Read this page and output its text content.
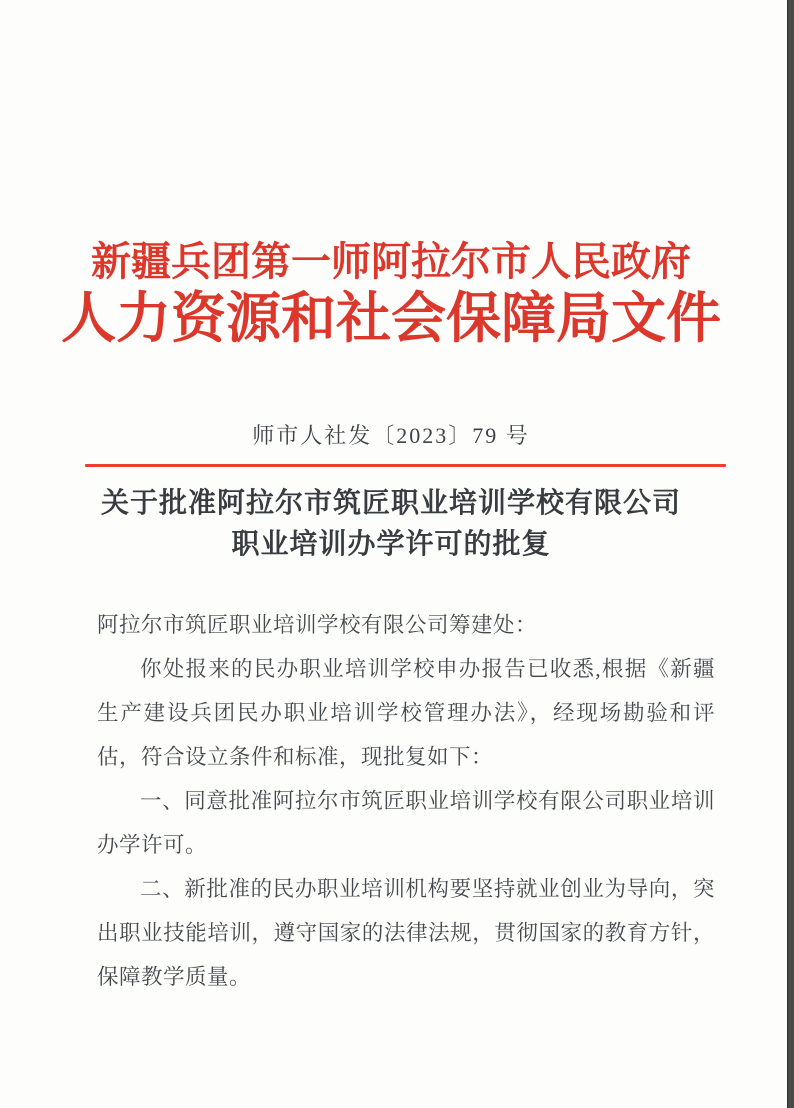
新疆兵团第一师阿拉尔市人民政府
人力资源和社会保障局文件
师市人社发〔2023〕79 号
关于批准阿拉尔市筑匠职业培训学校有限公司
职业培训办学许可的批复

阿拉尔市筑匠职业培训学校有限公司筹建处：

你处报来的民办职业培训学校申办报告已收悉,根据《新疆生产建设兵团民办职业培训学校管理办法》，经现场勘验和评估，符合设立条件和标准，现批复如下：

一、同意批准阿拉尔市筑匠职业培训学校有限公司职业培训办学许可。

二、新批准的民办职业培训机构要坚持就业创业为导向，突出职业技能培训，遵守国家的法律法规，贯彻国家的教育方针，保障教学质量。
